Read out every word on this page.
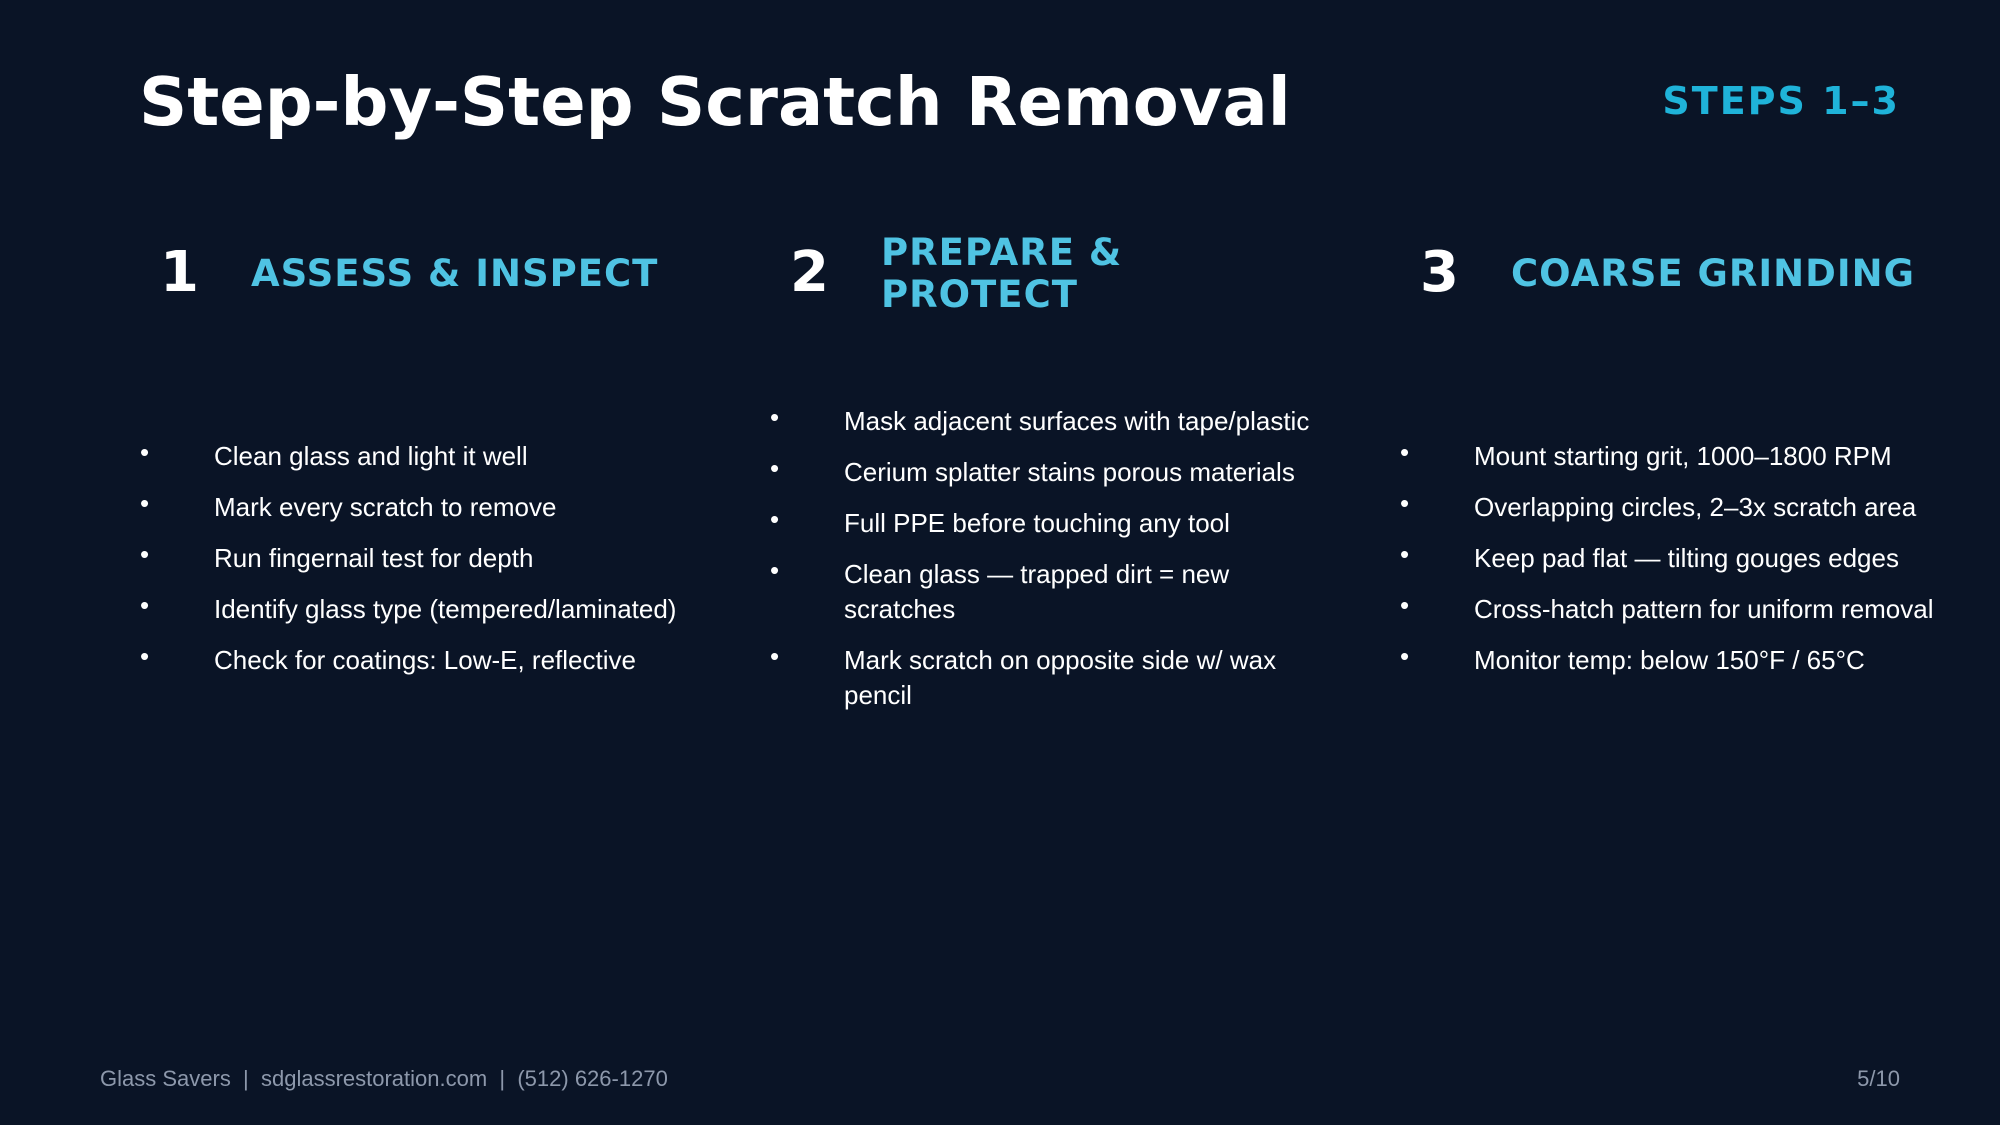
Step-by-Step Scratch Removal	STEPS 1–3
1 ASSESS & INSPECT
• Clean glass and light it well
• Mark every scratch to remove
• Run fingernail test for depth
• Identify glass type (tempered/laminated)
• Check for coatings: Low-E, reflective
2 PREPARE & PROTECT
• Mask adjacent surfaces with tape/plastic
• Cerium splatter stains porous materials
• Full PPE before touching any tool
• Clean glass — trapped dirt = new scratches
• Mark scratch on opposite side w/ wax pencil
3 COARSE GRINDING
• Mount starting grit, 1000–1800 RPM
• Overlapping circles, 2–3x scratch area
• Keep pad flat — tilting gouges edges
• Cross-hatch pattern for uniform removal
• Monitor temp: below 150°F / 65°C
Glass Savers  |  sdglassrestoration.com  |  (512) 626-1270	5/10
